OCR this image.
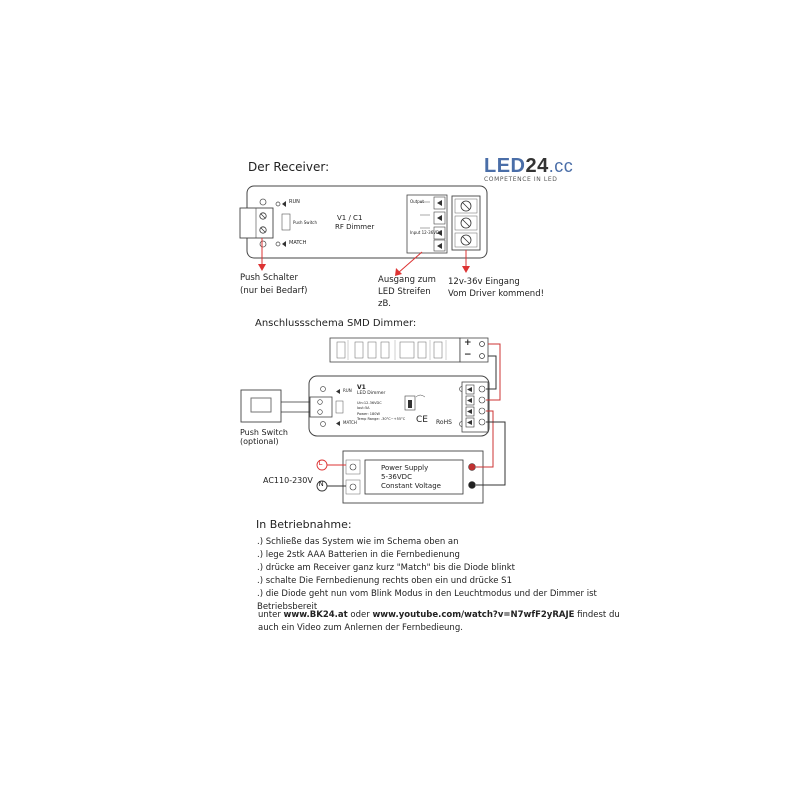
Der Receiver:	LED24.cc
COMPETENCE IN LED
RUN
MATCH
Push Switch
V1 / C1
RF Dimmer
Output
Input 12-36VDC
Push Schalter
(nur bei Bedarf)
Ausgang zum
LED Streifen
zB.
12v-36v Eingang
Vom Driver kommend!
Anschlussschema SMD Dimmer:
+
−
V1
LED Dimmer
Uin:12-36VDC
Iout:5A
Power: 180W
Temp Range: -30°C~+55°C
RUN
MATCH	CE RoHS
Push Switch
(optional)
L
N
AC110-230V
Power Supply
5-36VDC
Constant Voltage
In Betriebnahme:
.) Schließe das System wie im Schema oben an
.) lege 2stk AAA Batterien in die Fernbedienung
.) drücke am Receiver ganz kurz "Match" bis die Diode blinkt
.) schalte Die Fernbedienung rechts oben ein und drücke S1
.) die Diode geht nun vom Blink Modus in den Leuchtmodus und der Dimmer ist
Betriebsbereit
unter www.BK24.at oder www.youtube.com/watch?v=N7wfF2yRAJE findest du
auch ein Video zum Anlernen der Fernbedieung.
